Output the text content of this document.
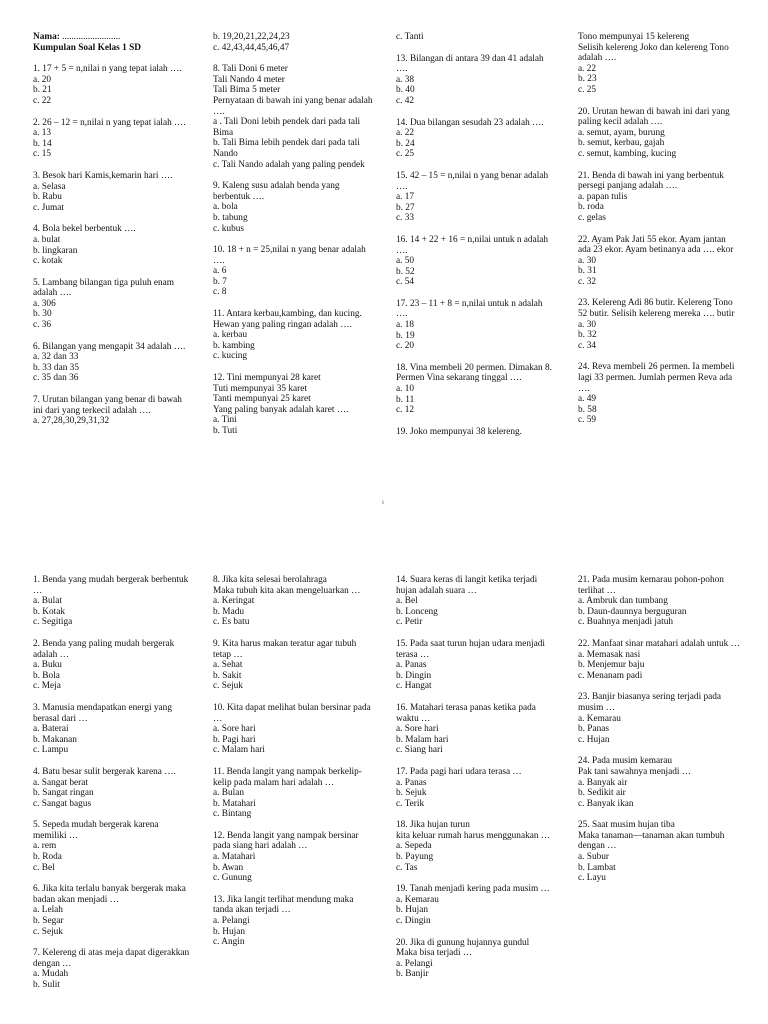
Nama: .........................
Kumpulan Soal Kelas 1 SD
1. 17 + 5 = n,nilai n yang tepat ialah ….
a. 20
b. 21
c. 22
2. 26 – 12 = n,nilai n yang tepat ialah ….
a. 13
b. 14
c. 15
3. Besok hari Kamis,kemarin hari ….
a. Selasa
b. Rabu
c. Jumat
4. Bola bekel berbentuk ….
a. bulat
b. lingkaran
c. kotak
5. Lambang bilangan tiga puluh enam adalah ….
a. 306
b. 30
c. 36
6. Bilangan yang mengapit 34 adalah ….
a. 32 dan 33
b. 33 dan 35
c. 35 dan 36
7. Urutan bilangan yang benar di bawah ini dari yang terkecil adalah ….
a. 27,28,30,29,31,32
b. 19,20,21,22,24,23
c. 42,43,44,45,46,47
8. Tali Doni 6 meter
Tali Nando 4 meter
Tali Bima 5 meter
Pernyataan di bawah ini yang benar adalah ….
a . Tali Doni lebih pendek dari pada tali Bima
b. Tali Bima lebih pendek dari pada tali Nando
c. Tali Nando adalah yang paling pendek
9. Kaleng susu adalah benda yang berbentuk ….
a. bola
b. tabung
c. kubus
10. 18 + n = 25,nilai n yang benar adalah ….
a. 6
b. 7
c. 8
11. Antara kerbau,kambing, dan kucing.
Hewan yang paling ringan adalah ….
a. kerbau
b. kambing
c. kucing
12. Tini mempunyai 28 karet
Tuti mempunyai 35 karet
Tanti mempunyai 25 karet
Yang paling banyak adalah karet ….
a. Tini
b. Tuti
c. Tanti
13. Bilangan di antara 39 dan 41 adalah ….
a. 38
b. 40
c. 42
14. Dua bilangan sesudah 23 adalah ….
a. 22
b. 24
c. 25
15. 42 – 15 = n,nilai n yang benar adalah ….
a. 17
b. 27
c. 33
16. 14 + 22 + 16 = n,nilai untuk n adalah ….
a. 50
b. 52
c. 54
17. 23 – 11 + 8 = n,nilai untuk n adalah ….
a. 18
b. 19
c. 20
18. Vina membeli 20 permen. Dimakan 8. Permen Vina sekarang tinggal ….
a. 10
b. 11
c. 12
19. Joko mempunyai 38 kelereng.
Tono mempunyai 15 kelereng
Selisih kelereng Joko dan kelereng Tono adalah ….
a. 22
b. 23
c. 25
20. Urutan hewan di bawah ini dari yang paling kecil adalah ….
a. semut, ayam, burung
b. semut, kerbau, gajah
c. semut, kambing, kucing
21. Benda di bawah ini yang berbentuk persegi panjang adalah ….
a. papan tulis
b. roda
c. gelas
22. Ayam Pak Jati 55 ekor. Ayam jantan ada 23 ekor. Ayam betinanya ada …. ekor
a. 30
b. 31
c. 32
23. Kelereng Adi 86 butir. Kelereng Tono 52 butir. Selisih kelereng mereka …. butir
a. 30
b. 32
c. 34
24. Reva membeli 26 permen. Ia membeli lagi 33 permen. Jumlah permen Reva ada ….
a. 49
b. 58
c. 59
ı
1. Benda yang mudah bergerak berbentuk …
a. Bulat
b. Kotak
c. Segitiga
2. Benda yang paling mudah bergerak adalah …
a. Buku
b. Bola
c. Meja
3. Manusia mendapatkan energi yang berasal dari …
a. Baterai
b. Makanan
c. Lampu
4. Batu besar sulit bergerak karena ….
a. Sangat berat
b. Sangat ringan
c. Sangat bagus
5. Sepeda mudah bergerak karena memiliki …
a. rem
b. Roda
c. Bel
6. Jika kita terlalu banyak bergerak maka badan akan menjadi …
a. Lelah
b. Segar
c. Sejuk
7. Kelereng di atas meja dapat digerakkan dengan …
a. Mudah
b. Sulit
8. Jika kita selesai berolahraga
Maka tubuh kita akan mengeluarkan …
a. Keringat
b. Madu
c. Es batu
9. Kita harus makan teratur agar tubuh tetap …
a. Sehat
b. Sakit
c. Sejuk
10. Kita dapat melihat bulan bersinar pada …
a. Sore hari
b. Pagi hari
c. Malam hari
11. Benda langit yang nampak berkelip-kelip pada malam hari adalah …
a. Bulan
b. Matahari
c. Bintang
12. Benda langit yang nampak bersinar pada siang hari adalah …
a. Matahari
b. Awan
c. Gunung
13. Jika langit terlihat mendung maka tanda akan terjadi …
a. Pelangi
b. Hujan
c. Angin
14. Suara keras di langit ketika terjadi hujan adalah suara …
a. Bel
b. Lonceng
c. Petir
15. Pada saat turun hujan udara menjadi terasa …
a. Panas
b. Dingin
c. Hangat
16. Matahari terasa panas ketika pada waktu …
a. Sore hari
b. Malam hari
c. Siang hari
17. Pada pagi hari udara terasa …
a. Panas
b. Sejuk
c. Terik
18. Jika hujan turun
kita keluar rumah harus menggunakan …
a. Sepeda
b. Payung
c. Tas
19. Tanah menjadi kering pada musim …
a. Kemarau
b. Hujan
c. Dingin
20. Jika di gunung hujannya gundul
Maka bisa terjadi …
a. Pelangi
b. Banjir
21. Pada musim kemarau pohon-pohon terlihat …
a. Ambruk dan tumbang
b. Daun-daunnya berguguran
c. Buahnya menjadi jatuh
22. Manfaat sinar matahari adalah untuk …
a. Memasak nasi
b. Menjemur baju
c. Menanam padi
23. Banjir biasanya sering terjadi pada musim …
a. Kemarau
b. Panas
c. Hujan
24. Pada musim kemarau
Pak tani sawahnya menjadi …
a. Banyak air
b. Sedikit air
c. Banyak ikan
25. Saat musim hujan tiba
Maka tanaman—tanaman akan tumbuh dengan …
a. Subur
b. Lambat
c. Layu
